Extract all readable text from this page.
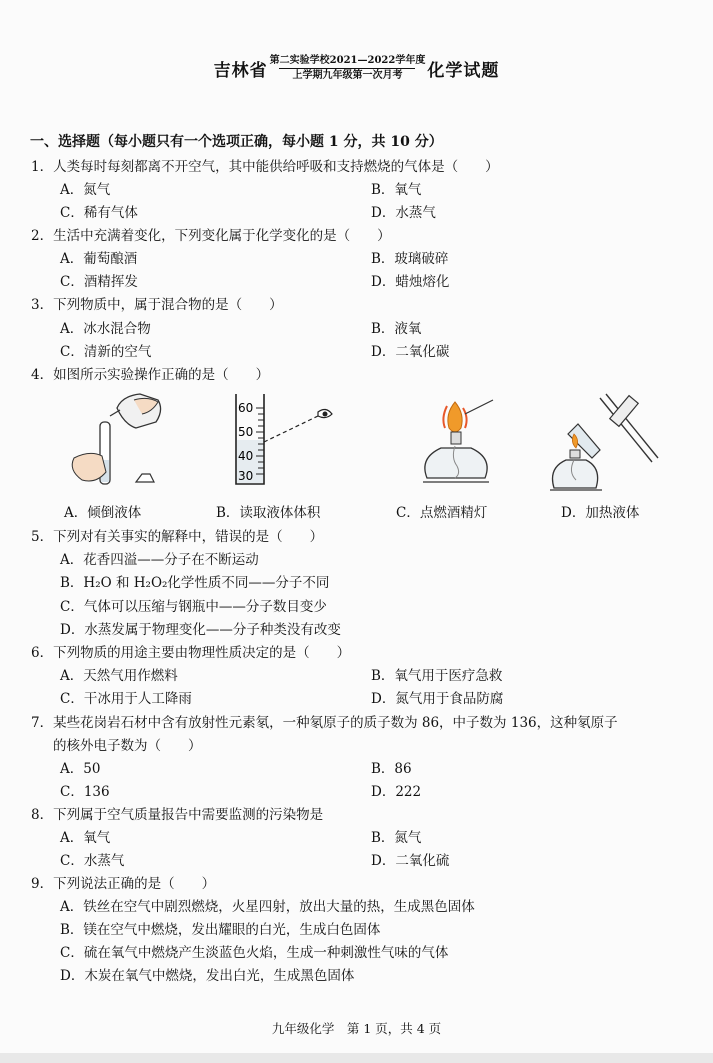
吉林省
第二实验学校2021—2022学年度
上学期九年级第一次月考 化学试题
一、选择题（每小题只有一个选项正确，每小题 1 分，共 10 分）
1．人类每时每刻都离不开空气，其中能供给呼吸和支持燃烧的气体是（　　）
A．氮气	B．氧气
C．稀有气体	D．水蒸气
2．生活中充满着变化，下列变化属于化学变化的是（　　）
A．葡萄酿酒	B．玻璃破碎
C．酒精挥发	D．蜡烛熔化
3．下列物质中，属于混合物的是（　　）
A．冰水混合物	B．液氧
C．清新的空气	D．二氧化碳
4．如图所示实验操作正确的是（　　）
60
50
40
30
A．倾倒液体	B．读取液体体积	C．点燃酒精灯	D．加热液体
5．下列对有关事实的解释中，错误的是（　　）
A．花香四溢——分子在不断运动
B．H₂O 和 H₂O₂化学性质不同——分子不同
C．气体可以压缩与钢瓶中——分子数目变少
D．水蒸发属于物理变化——分子种类没有改变
6．下列物质的用途主要由物理性质决定的是（　　）
A．天然气用作燃料	B．氧气用于医疗急救
C．干冰用于人工降雨	D．氮气用于食品防腐
7．某些花岗岩石材中含有放射性元素氡，一种氡原子的质子数为 86，中子数为 136，这种氡原子
的核外电子数为（　　）
A．50	B．86
C．136	D．222
8．下列属于空气质量报告中需要监测的污染物是
A．氧气	B．氮气
C．水蒸气	D．二氧化硫
9．下列说法正确的是（　　）
A．铁丝在空气中剧烈燃烧，火星四射，放出大量的热，生成黑色固体
B．镁在空气中燃烧，发出耀眼的白光，生成白色固体
C．硫在氧气中燃烧产生淡蓝色火焰，生成一种刺激性气味的气体
D．木炭在氧气中燃烧，发出白光，生成黑色固体
九年级化学　第 1 页，共 4 页
